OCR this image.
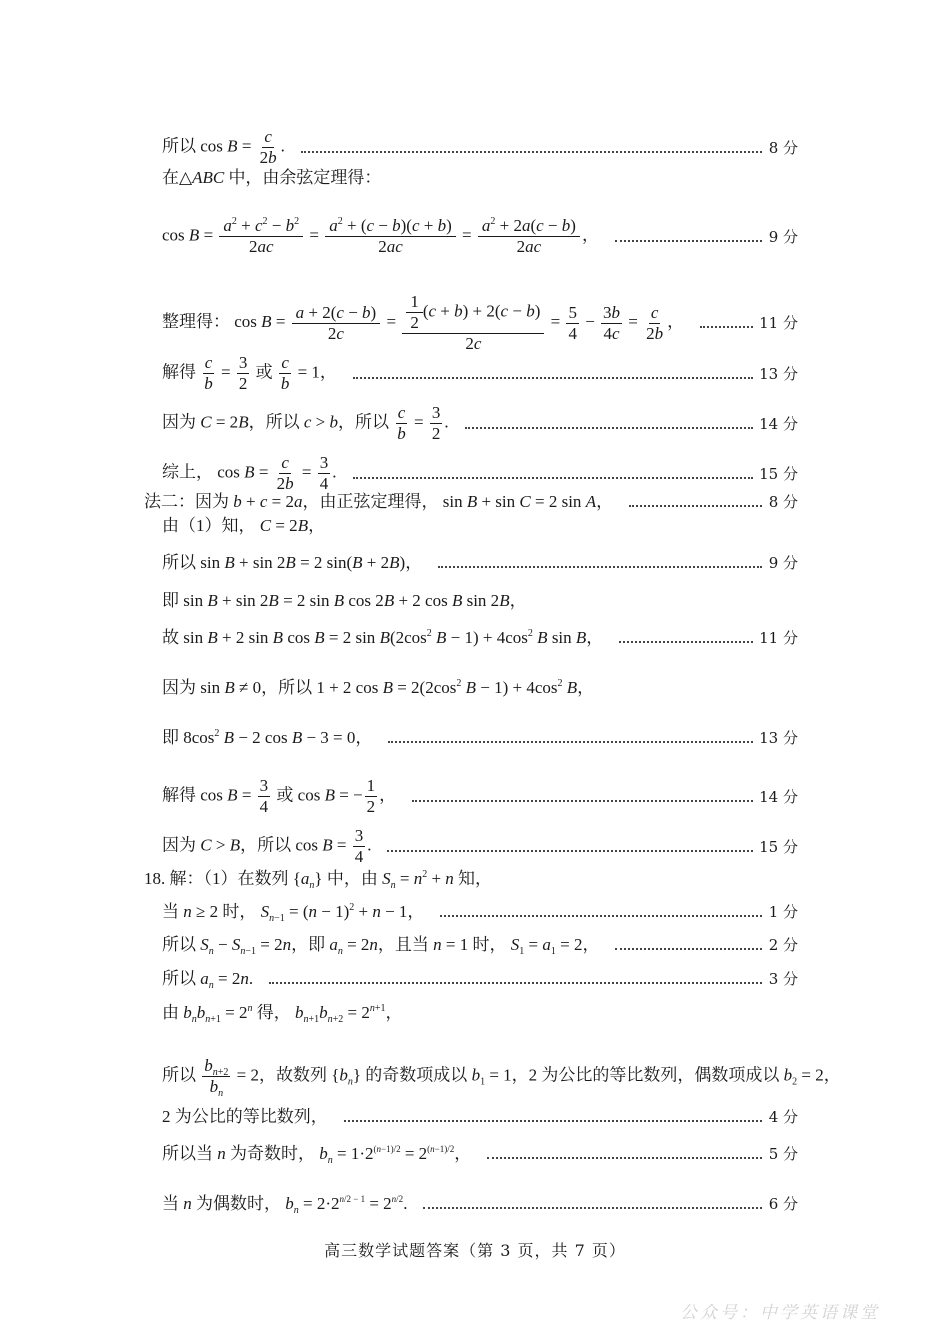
所以 $\cos B = \frac{c}{2b}$ .	8 分
在△ABC 中，由余弦定理得：
$\cos B = \frac{a^2 + c^2 - b^2}{2ac} = \frac{a^2 + (c - b)(c + b)}{2ac} = \frac{a^2 + 2a(c - b)}{2ac}$ ，	9 分
整理得： $\cos B = \frac{a + 2(c - b)}{2c} = \frac{\frac{1}{2} (c + b) + 2(c - b)}{2c} = \frac{5}{4} - \frac{3b}{4c} = \frac{c}{2b}$ ，	11 分
解得 $\frac{c}{b} = \frac{3}{2}$ 或 $\frac{c}{b} = 1$，	13 分
因为 C = 2B，所以 c > b，所以 $\frac{c}{b} = \frac{3}{2}$ .	14 分
综上， $\cos B = \frac{c}{2b} = \frac{3}{4}$ .	15 分
法二：因为 b + c = 2a，由正弦定理得， sin B + sin C = 2 sin A，	8 分
由（1）知， C = 2B，
所以 sin B + sin 2B = 2 sin(B + 2B)，	9 分
即 sin B + sin 2B = 2 sin B cos 2B + 2 cos B sin 2B，
故 sin B + 2 sin B cos B = 2 $\sin B(2\cos^2$ $B - 1) + 4\cos^2$ B sin B，	11 分
因为 sin B ≠ 0，所以 1 + 2 $\cos B = 2(2\cos^2$ $B - 1) + 4\cos^2$ B，
即 $8\cos^2$ B − 2 cos B − 3 = 0，	13 分
解得 $\cos B = \frac{3}{4}$ 或 cos B = − $\frac{1}{2}$ ，	14 分
因为 C > B，所以 $\cos B = \frac{3}{4}$ .	15 分
18. 解：（1）在数列 $\{a_n\}$ 中，由 $S_n = n^2 + n$ 知，
当 n ≥ 2 时， $S_{n-1} = (n - 1)^2 + n - 1$，	1 分
所以 $S_n - S_{n-1} = 2n$，即 $a_n = 2n$，且当 n = 1 时， $S_1 = a_1 = 2$，	2 分
所以 $a_n = 2n$.	3 分
由 $b_nb_{n+1} = 2^n$ 得， $b_{n+1}b_{n+2} = 2^{n+1}$，
所以 $\frac{b_{n+2}}{b_n} = 2$，故数列 $\{b_n\}$ 的奇数项成以 $b_1 = 1$，2 为公比的等比数列，偶数项成以 $b_2 = 2$，
2 为公比的等比数列，	4 分
所以当 n 为奇数时， $b_n = 1\cdot 2^{(n-1)/2} = 2^{(n-1)/2}$，	5 分
当 n 为偶数时， $b_n = 2\cdot 2^{n/2 - 1} = 2^{n/2}$.	6 分
高三数学试题答案（第 3 页，共 7 页）
公众号：中学英语课堂
